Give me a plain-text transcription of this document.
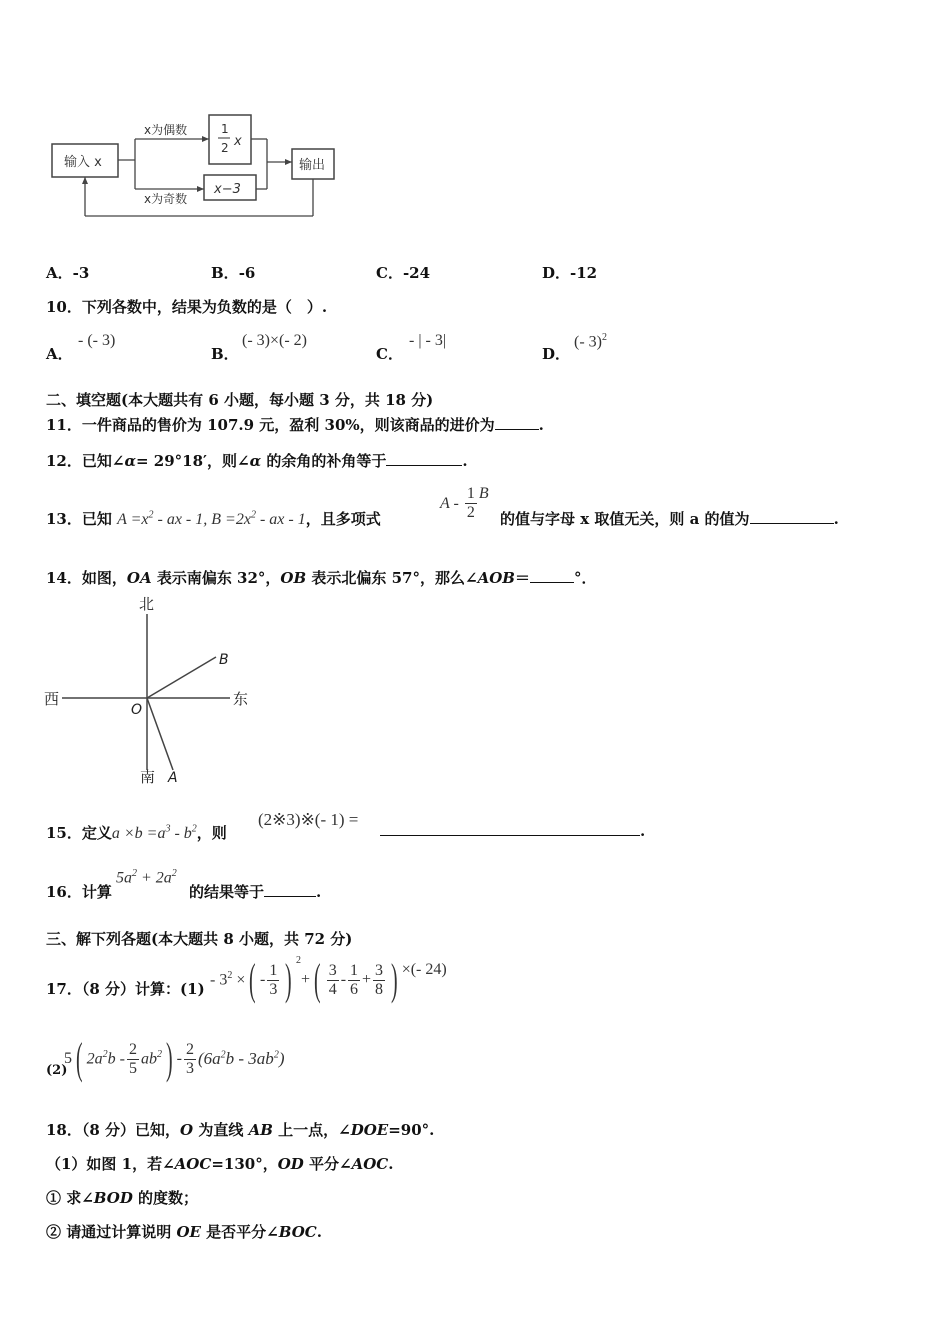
输入 x
x为偶数
x为奇数
1
2 x
x−3
输出
A．-3	B．-6	C．-24	D．-12
10．下列各数中，结果为负数的是（　）.
A．
- (- 3)
B．
(- 3)×(- 2)
C．
- | - 3|
D．
(- 3)$^2$
二、填空题(本大题共有 6 小题，每小题 3 分，共 18 分)
11．一件商品的售价为 107.9 元，盈利 30%，则该商品的进价为	.
12．已知∠α= 29°18′，则∠α 的余角的补角等于	.
13．已知 $A =x^2$ - ax - 1, $B =2x^2$ - ax - 1，且多项式
A - $\frac{1}{2}$ B
的值与字母 x 取值无关，则 a 的值为	.
14．如图，OA 表示南偏东 32°，OB 表示北偏东 57°，那么∠AOB＝	°．
北
南
西	东
O
A
B
15．定义$a \times b =a^3 - b^2$，则
(2※3)※(- 1) =
.
16．计算
$5a^2 + 2a^2$
的结果等于	.
三、解下列各题(本大题共 8 小题，共 72 分)
17．（8 分）计算：$(1) - 3^2$ × ( - $\frac{1}{3}$ ) $^2$
+ ( $\frac{3}{4} - \frac{1}{6} + \frac{3}{8}$ ) ×(- 24)
(2)
5 ( $2a^2b - \frac{2}{5} ab^2$ ) - $\frac{2}{3} (6a^2b - 3ab^2)$
18．（8 分）已知，O 为直线 AB 上一点，∠DOE=90°.
（1）如图 1，若∠AOC=130°，OD 平分∠AOC.
① 求∠BOD 的度数；
② 请通过计算说明 OE 是否平分∠BOC.
